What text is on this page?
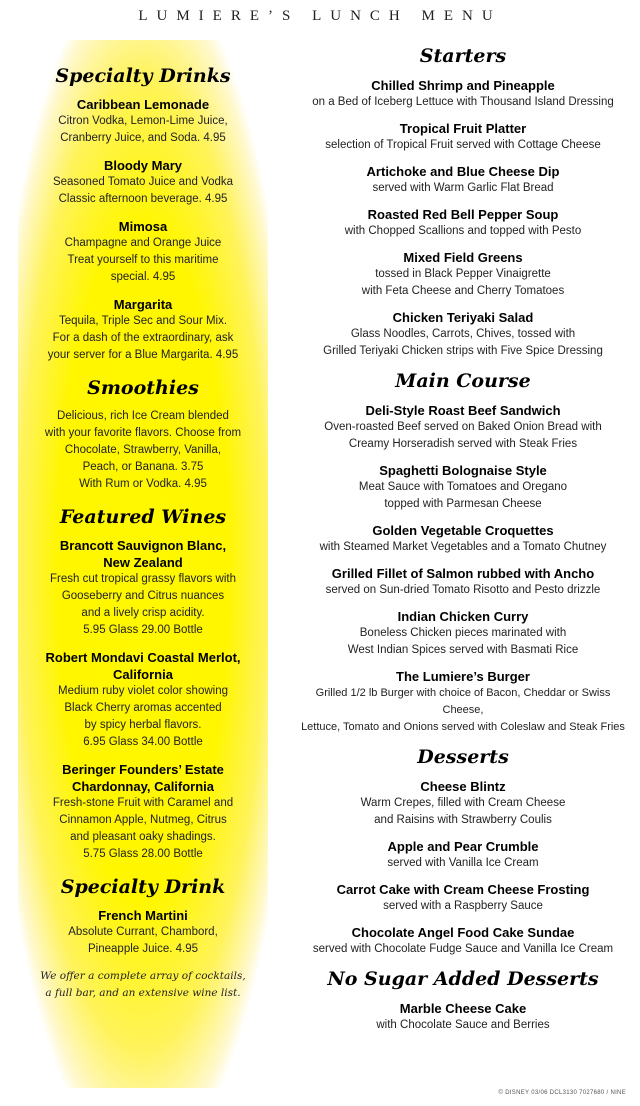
LUMIERE’S LUNCH MENU
Specialty Drinks
Caribbean Lemonade
Citron Vodka, Lemon-Lime Juice,
Cranberry Juice, and Soda. 4.95
Bloody Mary
Seasoned Tomato Juice and Vodka
Classic afternoon beverage. 4.95
Mimosa
Champagne and Orange Juice
Treat yourself to this maritime
special. 4.95
Margarita
Tequila, Triple Sec and Sour Mix.
For a dash of the extraordinary, ask
your server for a Blue Margarita. 4.95
Smoothies
Delicious, rich Ice Cream blended
with your favorite flavors. Choose from
Chocolate, Strawberry, Vanilla,
Peach, or Banana. 3.75
With Rum or Vodka. 4.95
Featured Wines
Brancott Sauvignon Blanc,
New Zealand
Fresh cut tropical grassy flavors with
Gooseberry and Citrus nuances
and a lively crisp acidity.
5.95 Glass 29.00 Bottle
Robert Mondavi Coastal Merlot,
California
Medium ruby violet color showing
Black Cherry aromas accented
by spicy herbal flavors.
6.95 Glass 34.00 Bottle
Beringer Founders’ Estate
Chardonnay, California
Fresh-stone Fruit with Caramel and
Cinnamon Apple, Nutmeg, Citrus
and pleasant oaky shadings.
5.75 Glass 28.00 Bottle
Specialty Drink
French Martini
Absolute Currant, Chambord,
Pineapple Juice. 4.95
We offer a complete array of cocktails,
a full bar, and an extensive wine list.
Starters
Chilled Shrimp and Pineapple
on a Bed of Iceberg Lettuce with Thousand Island Dressing
Tropical Fruit Platter
selection of Tropical Fruit served with Cottage Cheese
Artichoke and Blue Cheese Dip
served with Warm Garlic Flat Bread
Roasted Red Bell Pepper Soup
with Chopped Scallions and topped with Pesto
Mixed Field Greens
tossed in Black Pepper Vinaigrette
with Feta Cheese and Cherry Tomatoes
Chicken Teriyaki Salad
Glass Noodles, Carrots, Chives, tossed with
Grilled Teriyaki Chicken strips with Five Spice Dressing
Main Course
Deli-Style Roast Beef Sandwich
Oven-roasted Beef served on Baked Onion Bread with
Creamy Horseradish served with Steak Fries
Spaghetti Bolognaise Style
Meat Sauce with Tomatoes and Oregano
topped with Parmesan Cheese
Golden Vegetable Croquettes
with Steamed Market Vegetables and a Tomato Chutney
Grilled Fillet of Salmon rubbed with Ancho
served on Sun-dried Tomato Risotto and Pesto drizzle
Indian Chicken Curry
Boneless Chicken pieces marinated with
West Indian Spices served with Basmati Rice
The Lumiere’s Burger
Grilled 1/2 lb Burger with choice of Bacon, Cheddar or Swiss Cheese,
Lettuce, Tomato and Onions served with Coleslaw and Steak Fries
Desserts
Cheese Blintz
Warm Crepes, filled with Cream Cheese
and Raisins with Strawberry Coulis
Apple and Pear Crumble
served with Vanilla Ice Cream
Carrot Cake with Cream Cheese Frosting
served with a Raspberry Sauce
Chocolate Angel Food Cake Sundae
served with Chocolate Fudge Sauce and Vanilla Ice Cream
No Sugar Added Desserts
Marble Cheese Cake
with Chocolate Sauce and Berries
© DISNEY 03/06 DCL3130 7027680 / NINE
